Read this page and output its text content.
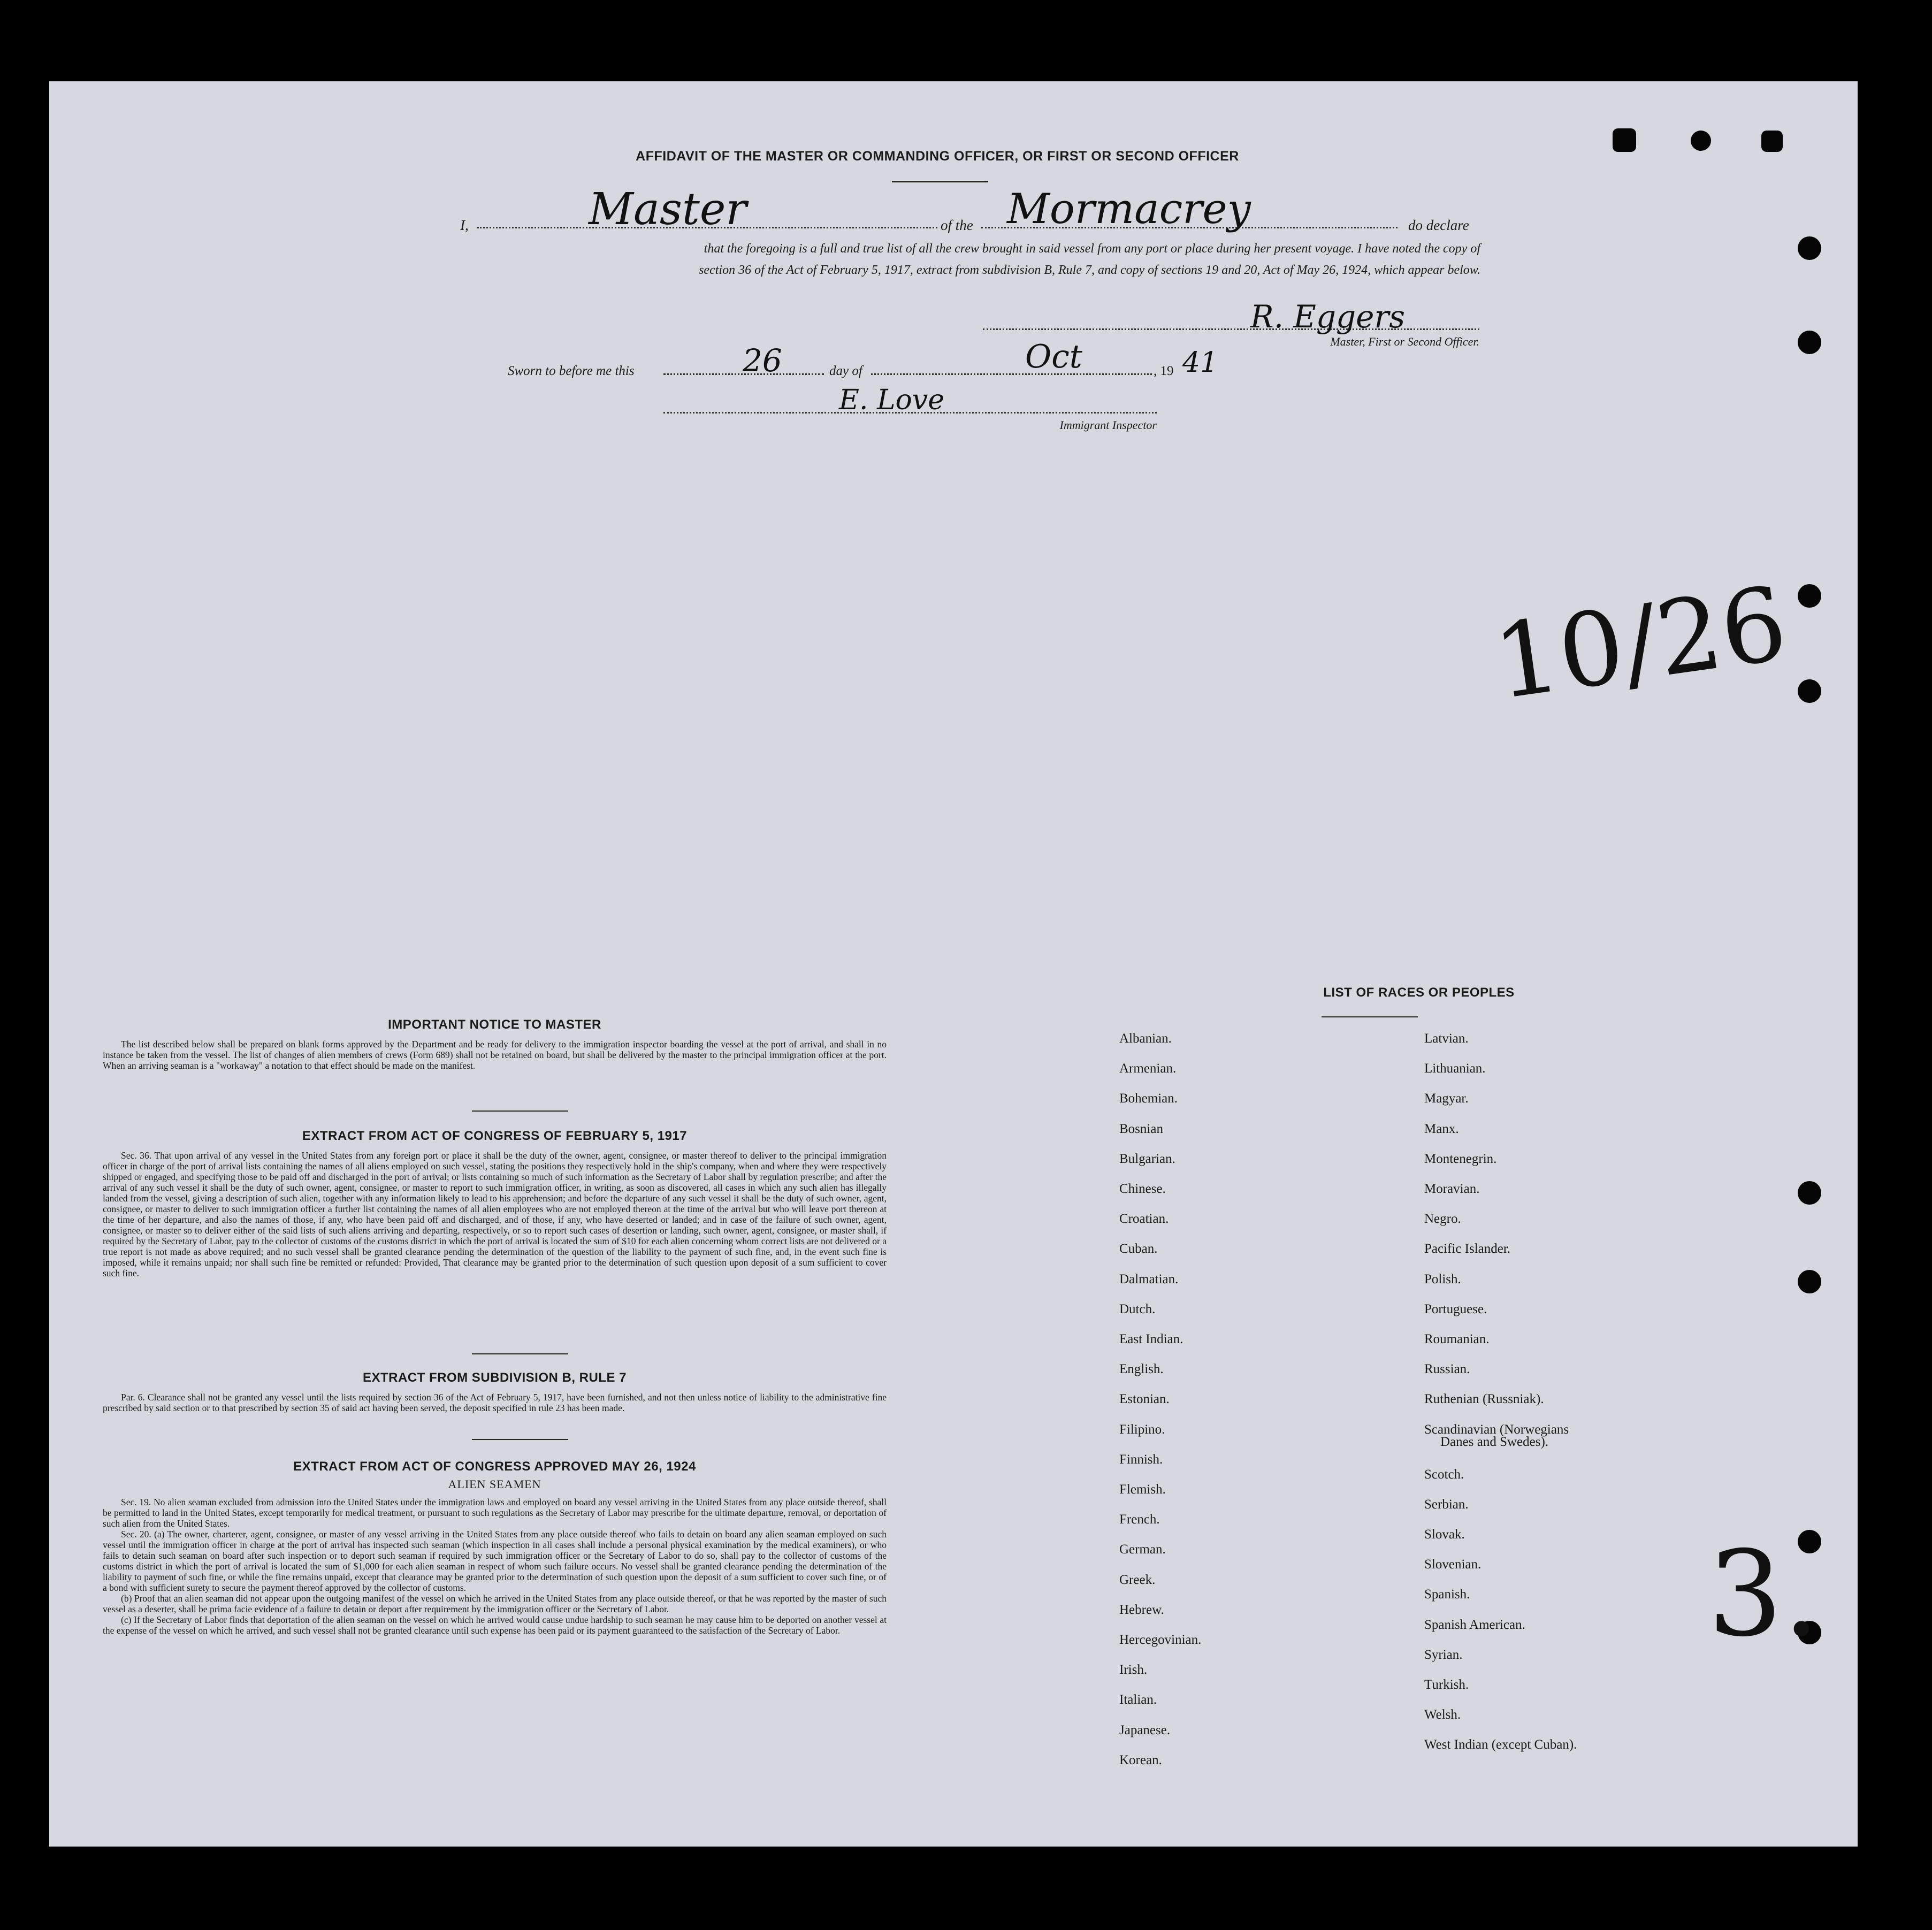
AFFIDAVIT OF THE MASTER OR COMMANDING OFFICER, OR FIRST OR SECOND OFFICER
I,	Master	of the Mormacrey	do declare
that the foregoing is a full and true list of all the crew brought in said vessel from any port or place during her present voyage. I have noted the copy of
section 36 of the Act of February 5, 1917, extract from subdivision B, Rule 7, and copy of sections 19 and 20, Act of May 26, 1924, which appear below.
R. Eggers
Master, First or Second Officer.
Sworn to before me this	26	day of	Oct	, 19 41
E. Love
Immigrant Inspector
10/26
3.
IMPORTANT NOTICE TO MASTER

The list described below shall be prepared on blank forms approved by the Department and be ready for delivery to the immigration inspector boarding the vessel at the port of arrival, and shall in no instance be taken from the vessel. The list of changes of alien members of crews (Form 689) shall not be retained on board, but shall be delivered by the master to the principal immigration officer at the port. When an arriving seaman is a "workaway" a notation to that effect should be made on the manifest.

EXTRACT FROM ACT OF CONGRESS OF FEBRUARY 5, 1917

Sec. 36. That upon arrival of any vessel in the United States from any foreign port or place it shall be the duty of the owner, agent, consignee, or master thereof to deliver to the principal immigration officer in charge of the port of arrival lists containing the names of all aliens employed on such vessel, stating the positions they respectively hold in the ship's company, when and where they were respectively shipped or engaged, and specifying those to be paid off and discharged in the port of arrival; or lists containing so much of such information as the Secretary of Labor shall by regulation prescribe; and after the arrival of any such vessel it shall be the duty of such owner, agent, consignee, or master to report to such immigration officer, in writing, as soon as discovered, all cases in which any such alien has illegally landed from the vessel, giving a description of such alien, together with any information likely to lead to his apprehension; and before the departure of any such vessel it shall be the duty of such owner, agent, consignee, or master to deliver to such immigration officer a further list containing the names of all alien employees who are not employed thereon at the time of the arrival but who will leave port thereon at the time of her departure, and also the names of those, if any, who have been paid off and discharged, and of those, if any, who have deserted or landed; and in case of the failure of such owner, agent, consignee, or master so to deliver either of the said lists of such aliens arriving and departing, respectively, or so to report such cases of desertion or landing, such owner, agent, consignee, or master shall, if required by the Secretary of Labor, pay to the collector of customs of the customs district in which the port of arrival is located the sum of $10 for each alien concerning whom correct lists are not delivered or a true report is not made as above required; and no such vessel shall be granted clearance pending the determination of the question of the liability to the payment of such fine, and, in the event such fine is imposed, while it remains unpaid; nor shall such fine be remitted or refunded: Provided, That clearance may be granted prior to the determination of such question upon deposit of a sum sufficient to cover such fine.

EXTRACT FROM SUBDIVISION B, RULE 7

Par. 6. Clearance shall not be granted any vessel until the lists required by section 36 of the Act of February 5, 1917, have been furnished, and not then unless notice of liability to the administrative fine prescribed by said section or to that prescribed by section 35 of said act having been served, the deposit specified in rule 23 has been made.

EXTRACT FROM ACT OF CONGRESS APPROVED MAY 26, 1924
ALIEN SEAMEN

Sec. 19. No alien seaman excluded from admission into the United States under the immigration laws and employed on board any vessel arriving in the United States from any place outside thereof, shall be permitted to land in the United States, except temporarily for medical treatment, or pursuant to such regulations as the Secretary of Labor may prescribe for the ultimate departure, removal, or deportation of such alien from the United States.

Sec. 20. (a) The owner, charterer, agent, consignee, or master of any vessel arriving in the United States from any place outside thereof who fails to detain on board any alien seaman employed on such vessel until the immigration officer in charge at the port of arrival has inspected such seaman (which inspection in all cases shall include a personal physical examination by the medical examiners), or who fails to detain such seaman on board after such inspection or to deport such seaman if required by such immigration officer or the Secretary of Labor to do so, shall pay to the collector of customs of the customs district in which the port of arrival is located the sum of $1,000 for each alien seaman in respect of whom such failure occurs. No vessel shall be granted clearance pending the determination of the liability to payment of such fine, or while the fine remains unpaid, except that clearance may be granted prior to the determination of such question upon the deposit of a sum sufficient to cover such fine, or of a bond with sufficient surety to secure the payment thereof approved by the collector of customs.

(b) Proof that an alien seaman did not appear upon the outgoing manifest of the vessel on which he arrived in the United States from any place outside thereof, or that he was reported by the master of such vessel as a deserter, shall be prima facie evidence of a failure to detain or deport after requirement by the immigration officer or the Secretary of Labor.

(c) If the Secretary of Labor finds that deportation of the alien seaman on the vessel on which he arrived would cause undue hardship to such seaman he may cause him to be deported on another vessel at the expense of the vessel on which he arrived, and such vessel shall not be granted clearance until such expense has been paid or its payment guaranteed to the satisfaction of the Secretary of Labor.

LIST OF RACES OR PEOPLES
Danes and Swedes).
Albanian.
Armenian.
Bohemian.
Bosnian
Bulgarian.
Chinese.
Croatian.
Cuban.
Dalmatian.
Dutch.
East Indian.
English.
Estonian.
Filipino.
Finnish.
Flemish.
French.
German.
Greek.
Hebrew.
Hercegovinian.
Irish.
Italian.
Japanese.
Korean.
Latvian.
Lithuanian.
Magyar.
Manx.
Montenegrin.
Moravian.
Negro.
Pacific Islander.
Polish.
Portuguese.
Roumanian.
Russian.
Ruthenian (Russniak).
Scandinavian (Norwegians
Scotch.
Serbian.
Slovak.
Slovenian.
Spanish.
Spanish American.
Syrian.
Turkish.
Welsh.
West Indian (except Cuban).
